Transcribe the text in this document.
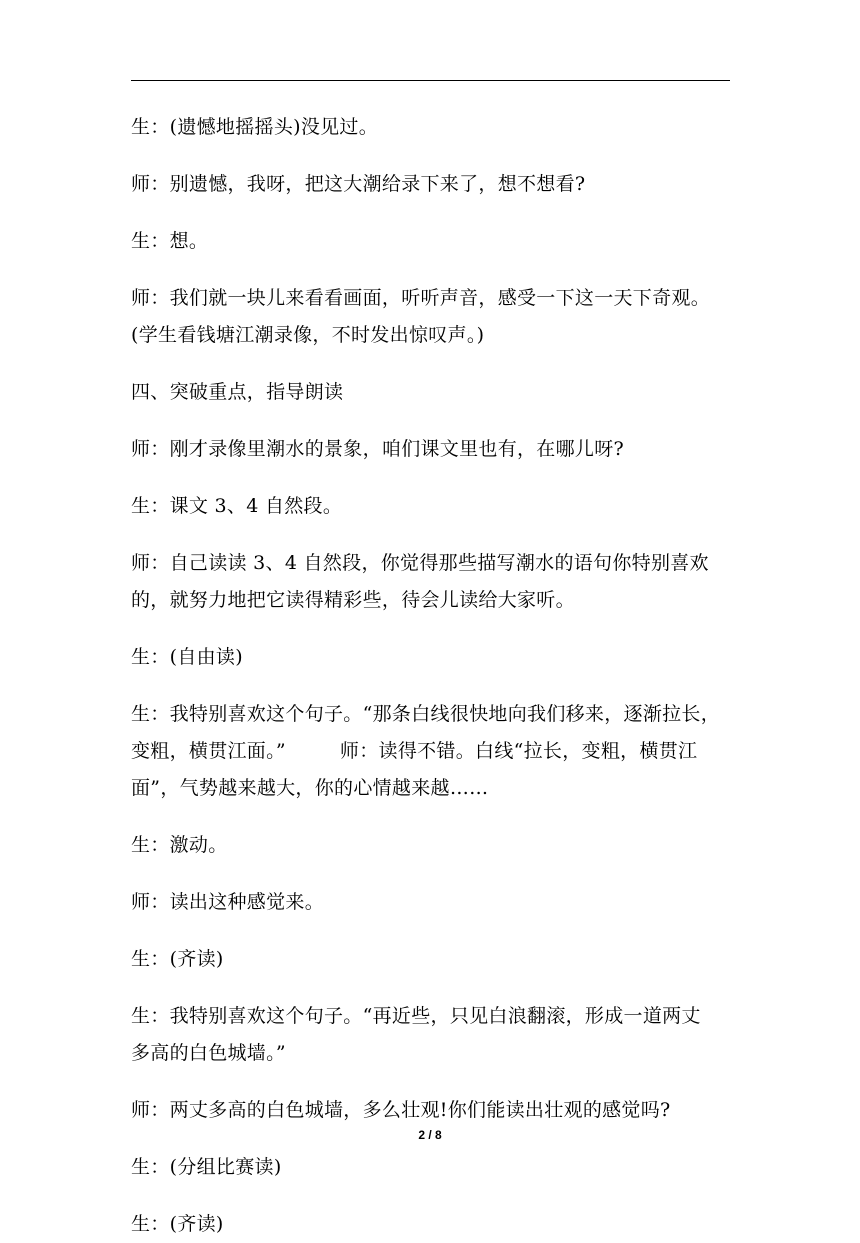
生：(遗憾地摇摇头)没见过。
师：别遗憾，我呀，把这大潮给录下来了，想不想看?
生：想。
师：我们就一块儿来看看画面，听听声音，感受一下这一天下奇观。
(学生看钱塘江潮录像，不时发出惊叹声。)
四、突破重点，指导朗读
师：刚才录像里潮水的景象，咱们课文里也有，在哪儿呀?
生：课文 3、4 自然段。
师：自己读读 3、4 自然段，你觉得那些描写潮水的语句你特别喜欢
的，就努力地把它读得精彩些，待会儿读给大家听。
生：(自由读)
生：我特别喜欢这个句子。“那条白线很快地向我们移来，逐渐拉长，
变粗，横贯江面。”	师：读得不错。白线“拉长，变粗，横贯江
面”，气势越来越大，你的心情越来越……
生：激动。
师：读出这种感觉来。
生：(齐读)
生：我特别喜欢这个句子。“再近些，只见白浪翻滚，形成一道两丈
多高的白色城墙。”
师：两丈多高的白色城墙，多么壮观!你们能读出壮观的感觉吗?
生：(分组比赛读)
生：(齐读)
2 / 8
